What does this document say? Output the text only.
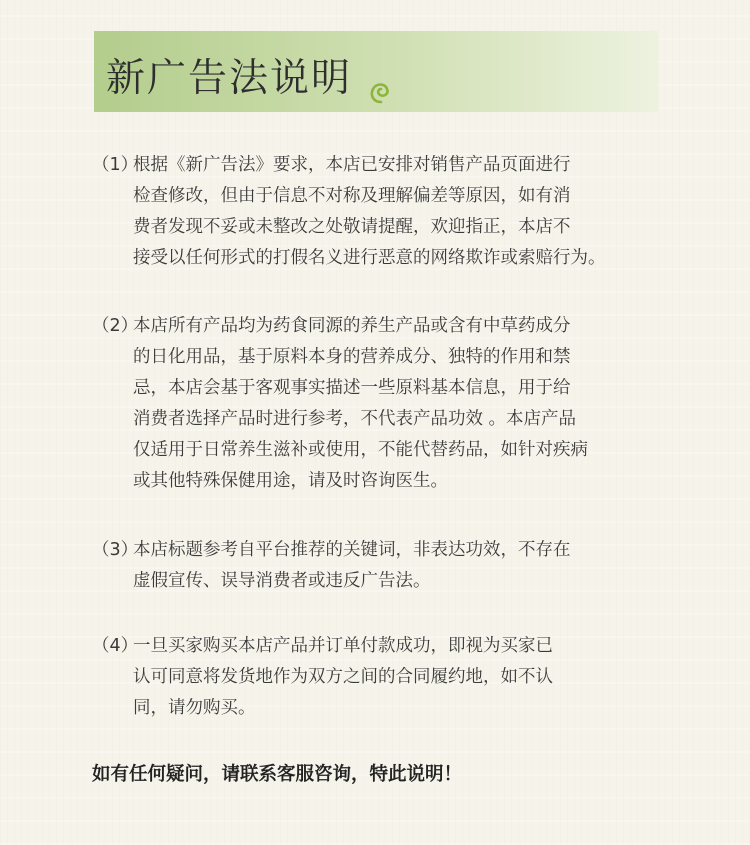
新广告法说明
（1）
根据《新广告法》要求，本店已安排对销售产品页面进行
检查修改，但由于信息不对称及理解偏差等原因，如有消
费者发现不妥或未整改之处敬请提醒，欢迎指正，本店不
接受以任何形式的打假名义进行恶意的网络欺诈或索赔行为。
（2）
本店所有产品均为药食同源的养生产品或含有中草药成分
的日化用品，基于原料本身的营养成分、独特的作用和禁
忌，本店会基于客观事实描述一些原料基本信息，用于给
消费者选择产品时进行参考，不代表产品功效 。本店产品
仅适用于日常养生滋补或使用，不能代替药品，如针对疾病
或其他特殊保健用途，请及时咨询医生。
（3）
本店标题参考自平台推荐的关键词，非表达功效，不存在
虚假宣传、误导消费者或违反广告法。
（4）
一旦买家购买本店产品并订单付款成功，即视为买家已
认可同意将发货地作为双方之间的合同履约地，如不认
同，请勿购买。
如有任何疑问，请联系客服咨询，特此说明！
